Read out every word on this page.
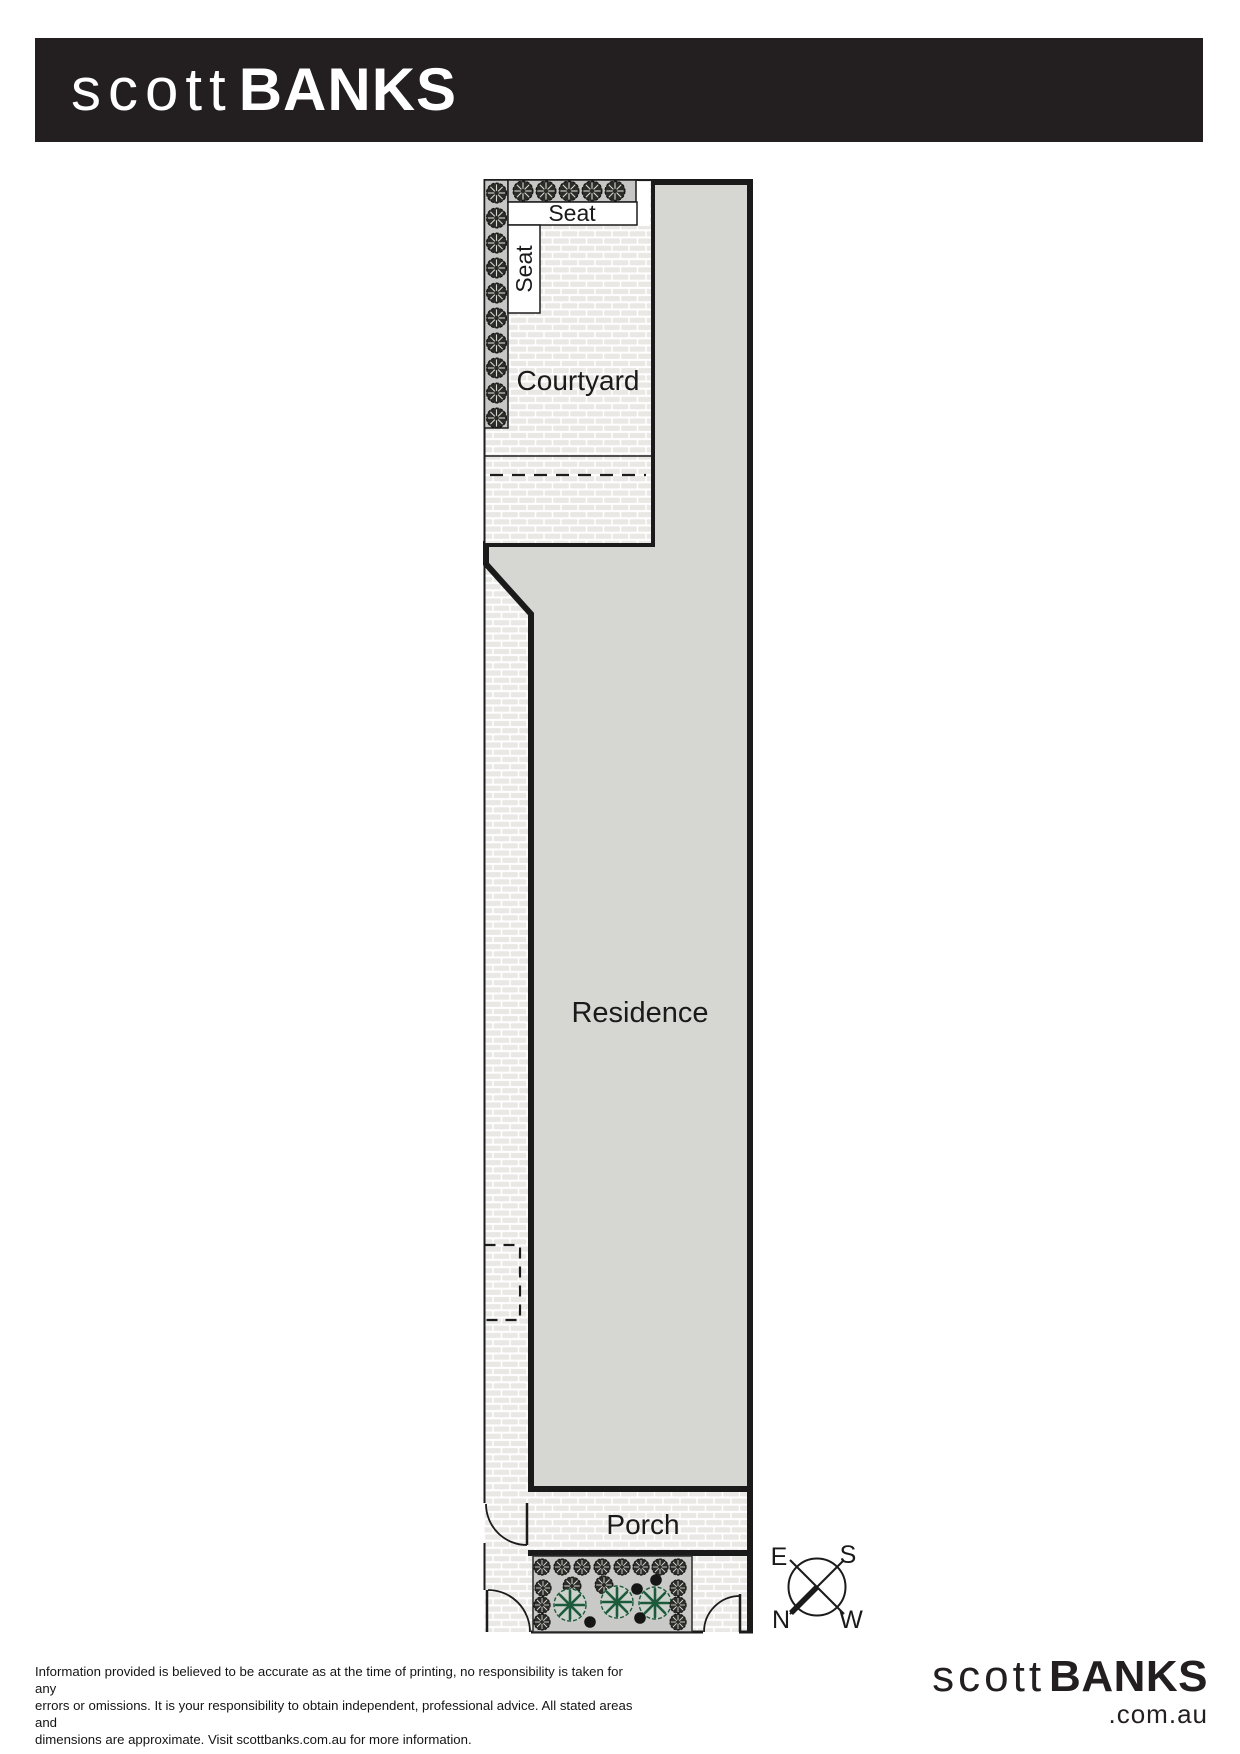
scott BANKS
Seat
Seat
Courtyard
Residence
Porch
E S
N W
Information provided is believed to be accurate as at the time of printing, no responsibility is taken for any
errors or omissions. It is your responsibility to obtain independent, professional advice. All stated areas and
dimensions are approximate. Visit scottbanks.com.au for more information.
scottBANKS
.com.au
